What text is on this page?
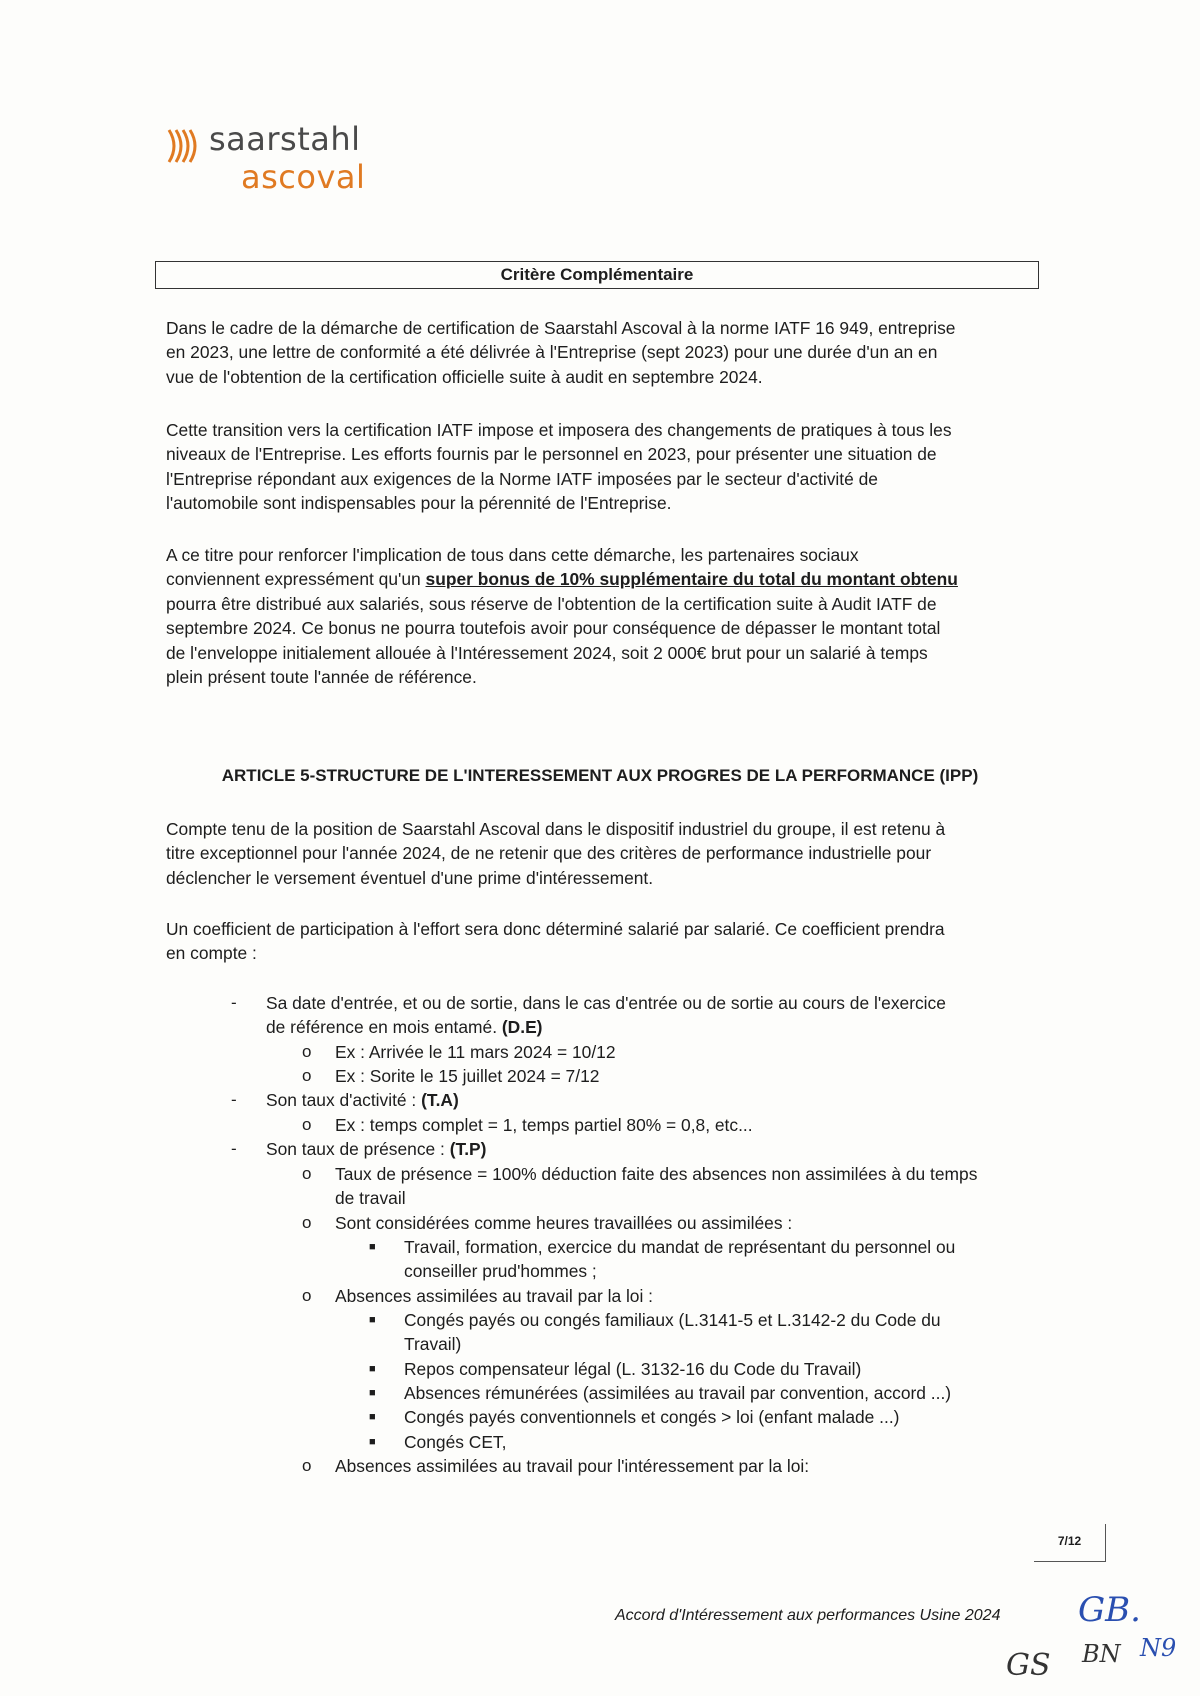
saarstahl
ascoval
Critère Complémentaire
Dans le cadre de la démarche de certification de Saarstahl Ascoval à la norme IATF 16 949, entreprise
en 2023, une lettre de conformité a été délivrée à l'Entreprise (sept 2023) pour une durée d'un an en
vue de l'obtention de la certification officielle suite à audit en septembre 2024.
Cette transition vers la certification IATF impose et imposera des changements de pratiques à tous les
niveaux de l'Entreprise. Les efforts fournis par le personnel en 2023, pour présenter une situation de
l'Entreprise répondant aux exigences de la Norme IATF imposées par le secteur d'activité de
l'automobile sont indispensables pour la pérennité de l'Entreprise.
A ce titre pour renforcer l'implication de tous dans cette démarche, les partenaires sociaux
conviennent expressément qu'un super bonus de 10% supplémentaire du total du montant obtenu
pourra être distribué aux salariés, sous réserve de l'obtention de la certification suite à Audit IATF de
septembre 2024. Ce bonus ne pourra toutefois avoir pour conséquence de dépasser le montant total
de l'enveloppe initialement allouée à l'Intéressement 2024, soit 2 000€ brut pour un salarié à temps
plein présent toute l'année de référence.
ARTICLE 5-STRUCTURE DE L'INTERESSEMENT AUX PROGRES DE LA PERFORMANCE (IPP)
Compte tenu de la position de Saarstahl Ascoval dans le dispositif industriel du groupe, il est retenu à
titre exceptionnel pour l'année 2024, de ne retenir que des critères de performance industrielle pour
déclencher le versement éventuel d'une prime d'intéressement.
Un coefficient de participation à l'effort sera donc déterminé salarié par salarié. Ce coefficient prendra
en compte :
- Sa date d'entrée, et ou de sortie, dans le cas d'entrée ou de sortie au cours de l'exercice
de référence en mois entamé. (D.E)
o Ex : Arrivée le 11 mars 2024 = 10/12
o Ex : Sorite le 15 juillet 2024 = 7/12
- Son taux d'activité : (T.A)
o Ex : temps complet = 1, temps partiel 80% = 0,8, etc...
- Son taux de présence : (T.P)
o Taux de présence = 100% déduction faite des absences non assimilées à du temps
de travail
o Sont considérées comme heures travaillées ou assimilées :
■ Travail, formation, exercice du mandat de représentant du personnel ou
conseiller prud'hommes ;
o Absences assimilées au travail par la loi :
■ Congés payés ou congés familiaux (L.3141-5 et L.3142-2 du Code du
Travail)
■ Repos compensateur légal (L. 3132-16 du Code du Travail)
■ Absences rémunérées (assimilées au travail par convention, accord ...)
■ Congés payés conventionnels et congés > loi (enfant malade ...)
■ Congés CET,
o Absences assimilées au travail pour l'intéressement par la loi:
7/12
Accord d'Intéressement aux performances Usine 2024 GB.
GS BN N9
